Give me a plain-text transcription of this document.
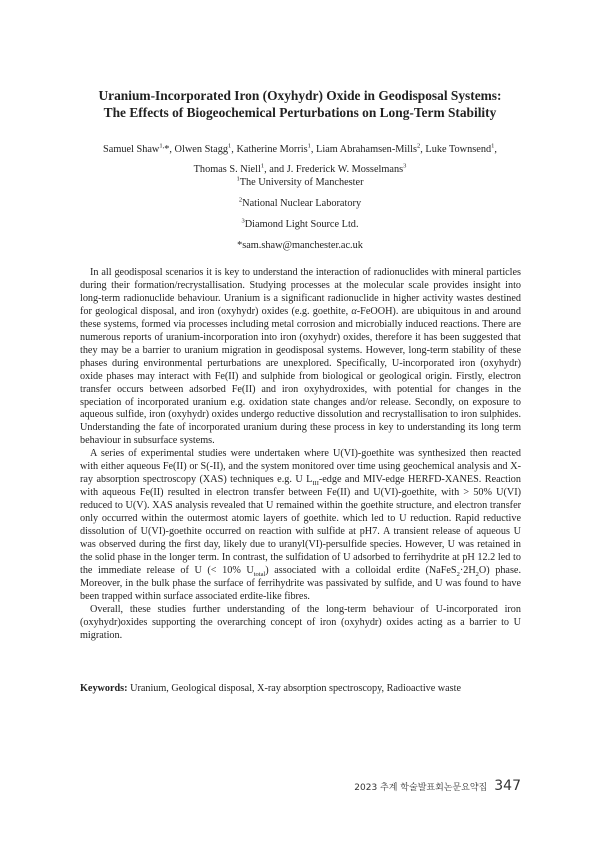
Uranium-Incorporated Iron (Oxyhydr) Oxide in Geodisposal Systems:
The Effects of Biogeochemical Perturbations on Long-Term Stability
Samuel Shaw$^{1,}$*, Olwen Stagg$^1$, Katherine Morris$^1$, Liam Abrahamsen-Mills$^2$, Luke Townsend$^1$,
Thomas S. Niell$^1$, and J. Frederick W. Mosselmans$^3$
$^1$The University of Manchester
$^2$National Nuclear Laboratory
$^3$Diamond Light Source Ltd.
*sam.shaw@manchester.ac.uk

In all geodisposal scenarios it is key to understand the interaction of radionuclides with mineral particles during their formation/recrystallisation. Studying processes at the molecular scale provides insight into long-term radionuclide behaviour. Uranium is a significant radionuclide in higher activity wastes destined for geological disposal, and iron (oxyhydr) oxides (e.g. goethite, α-FeOOH). are ubiquitous in and around these systems, formed via processes including metal corrosion and microbially induced reactions. There are numerous reports of uranium-incorporation into iron (oxyhydr) oxides, therefore it has been suggested that they may be a barrier to uranium migration in geodisposal systems. However, long-term stability of these phases during environmental perturbations are unexplored. Specifically, U-incorporated iron (oxyhydr) oxide phases may interact with Fe(II) and sulphide from biological or geological origin. Firstly, electron transfer occurs between adsorbed Fe(II) and iron oxyhydroxides, with potential for changes in the speciation of incorporated uranium e.g. oxidation state changes and/or release. Secondly, on exposure to aqueous sulfide, iron (oxyhydr) oxides undergo reductive dissolution and recrystallisation to iron sulphides. Understanding the fate of incorporated uranium during these process in key to understanding its long term behaviour in subsurface systems.

A series of experimental studies were undertaken where U(VI)-goethite was synthesized then reacted with either aqueous Fe(II) or S(-II), and the system monitored over time using geochemical analysis and X-ray absorption spectroscopy (XAS) techniques e.g. U $L_{III}$-edge and MIV-edge HERFD-XANES. Reaction with aqueous Fe(II) resulted in electron transfer between Fe(II) and U(VI)-goethite, with > 50% U(VI) reduced to U(V). XAS analysis revealed that U remained within the goethite structure, and electron transfer only occurred within the outermost atomic layers of goethite. which led to U reduction. Rapid reductive dissolution of U(VI)-goethite occurred on reaction with sulfide at pH7. A transient release of aqueous U was observed during the first day, likely due to uranyl(VI)-persulfide species. However, U was retained in the solid phase in the longer term. In contrast, the sulfidation of U adsorbed to ferrihydrite at pH 12.2 led to the immediate release of U (< 10% $U_{total}$) associated with a colloidal erdite $(NaFeS_2\cdot 2H_2O)$ phase. Moreover, in the bulk phase the surface of ferrihydrite was passivated by sulfide, and U was found to have been trapped within surface associated erdite-like fibres.

Overall, these studies further understanding of the long-term behaviour of U-incorporated iron (oxyhydr)oxides supporting the overarching concept of iron (oxyhydr) oxides acting as a barrier to U migration.

Keywords: Uranium, Geological disposal, X-ray absorption spectroscopy, Radioactive waste
2023 추계 학술발표회논문요약집 347
